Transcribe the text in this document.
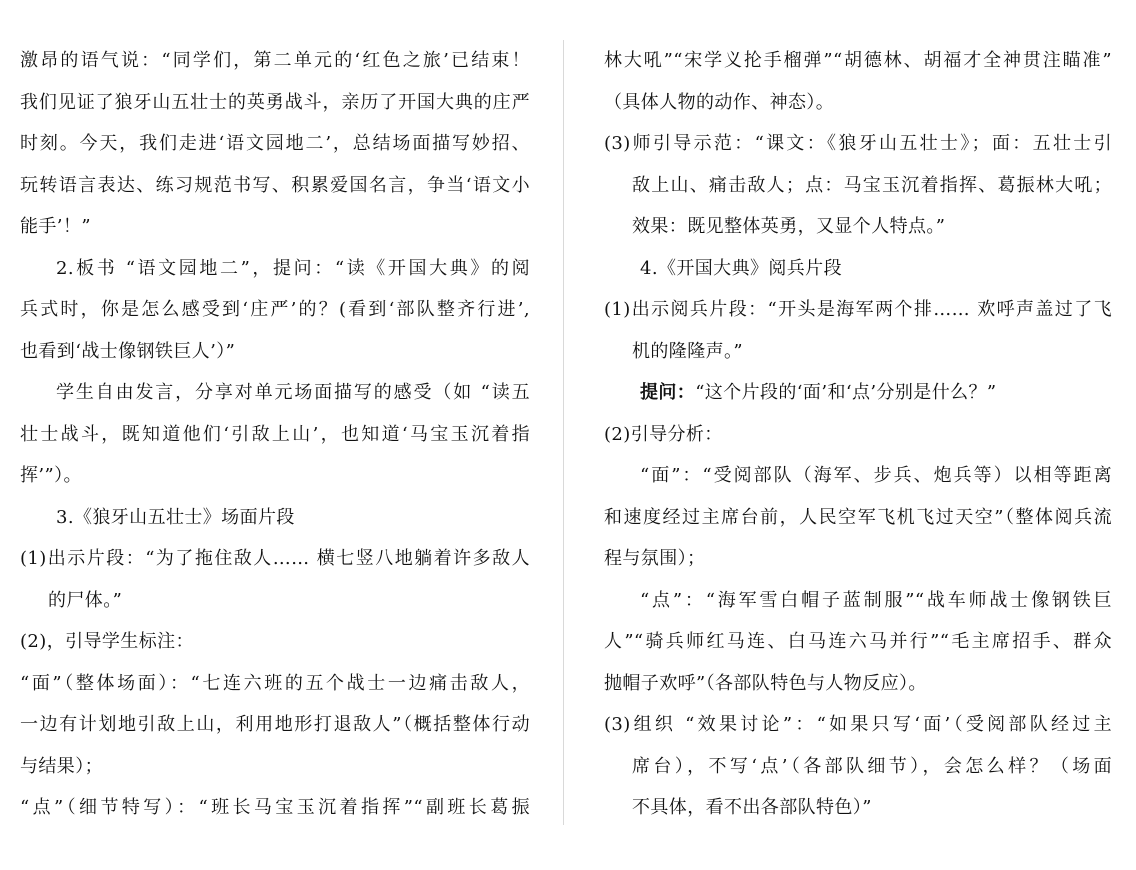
激昂的语气说：“同学们，第二单元的‘红色之旅’已结束！
我们见证了狼牙山五壮士的英勇战斗，亲历了开国大典的庄严
时刻。今天，我们走进‘语文园地二’，总结场面描写妙招、
玩转语言表达、练习规范书写、积累爱国名言，争当‘语文小
能手’！”
2.板书 “语文园地二”，提问：“读《开国大典》的阅
兵式时，你是怎么感受到‘庄严’的？(看到‘部队整齐行进’,
也看到‘战士像钢铁巨人’）”
学生自由发言，分享对单元场面描写的感受（如 “读五
壮士战斗，既知道他们‘引敌上山’，也知道‘马宝玉沉着指
挥’”）。
3.《狼牙山五壮士》场面片段
(1)出示片段：“为了拖住敌人…… 横七竖八地躺着许多敌人
的尸体。”
(2)，引导学生标注：
“面”（整体场面）：“七连六班的五个战士一边痛击敌人，
一边有计划地引敌上山，利用地形打退敌人”（概括整体行动
与结果）；
“点”（细节特写）：“班长马宝玉沉着指挥”“副班长葛振
林大吼”“宋学义抡手榴弹”“胡德林、胡福才全神贯注瞄准”
（具体人物的动作、神态）。
(3)师引导示范：“课文：《狼牙山五壮士》；面：五壮士引
敌上山、痛击敌人；点：马宝玉沉着指挥、葛振林大吼；
效果：既见整体英勇，又显个人特点。”
4.《开国大典》阅兵片段
(1)出示阅兵片段：“开头是海军两个排…… 欢呼声盖过了飞
机的隆隆声。”
提问：“这个片段的‘面’和‘点’分别是什么？”
(2)引导分析：
“面”：“受阅部队（海军、步兵、炮兵等）以相等距离
和速度经过主席台前，人民空军飞机飞过天空”（整体阅兵流
程与氛围）；
“点”：“海军雪白帽子蓝制服”“战车师战士像钢铁巨
人”“骑兵师红马连、白马连六马并行”“毛主席招手、群众
抛帽子欢呼”（各部队特色与人物反应）。
(3)组织 “效果讨论”：“如果只写‘面’（受阅部队经过主
席台），不写‘点’（各部队细节），会怎么样？（场面
不具体，看不出各部队特色）”
